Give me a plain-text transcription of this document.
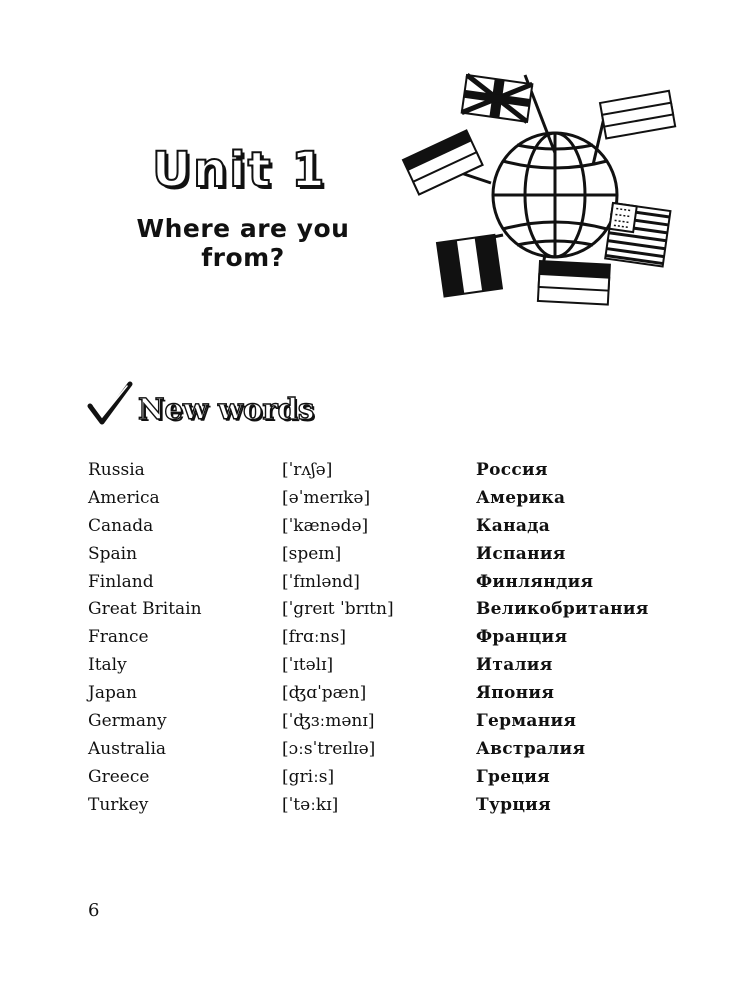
Unit 1
Where are you from?
New words
Russia	[ˈrʌʃə]	Россия
America	[əˈmerɪkə]	Америка
Canada	[ˈkænədə]	Канада
Spain	[speɪn]	Испания
Finland	[ˈfɪnlənd]	Финляндия
Great Britain	[ˈgreɪt ˈbrɪtn]	Великобритания
France	[frɑːns]	Франция
Italy	[ˈɪtəlɪ]	Италия
Japan	[ʤɑˈpæn]	Япония
Germany	[ˈʤɜːmənɪ]	Германия
Australia	[ɔːsˈtreɪlɪə]	Австралия
Greece	[griːs]	Греция
Turkey	[ˈtəːkɪ]	Турция
6
